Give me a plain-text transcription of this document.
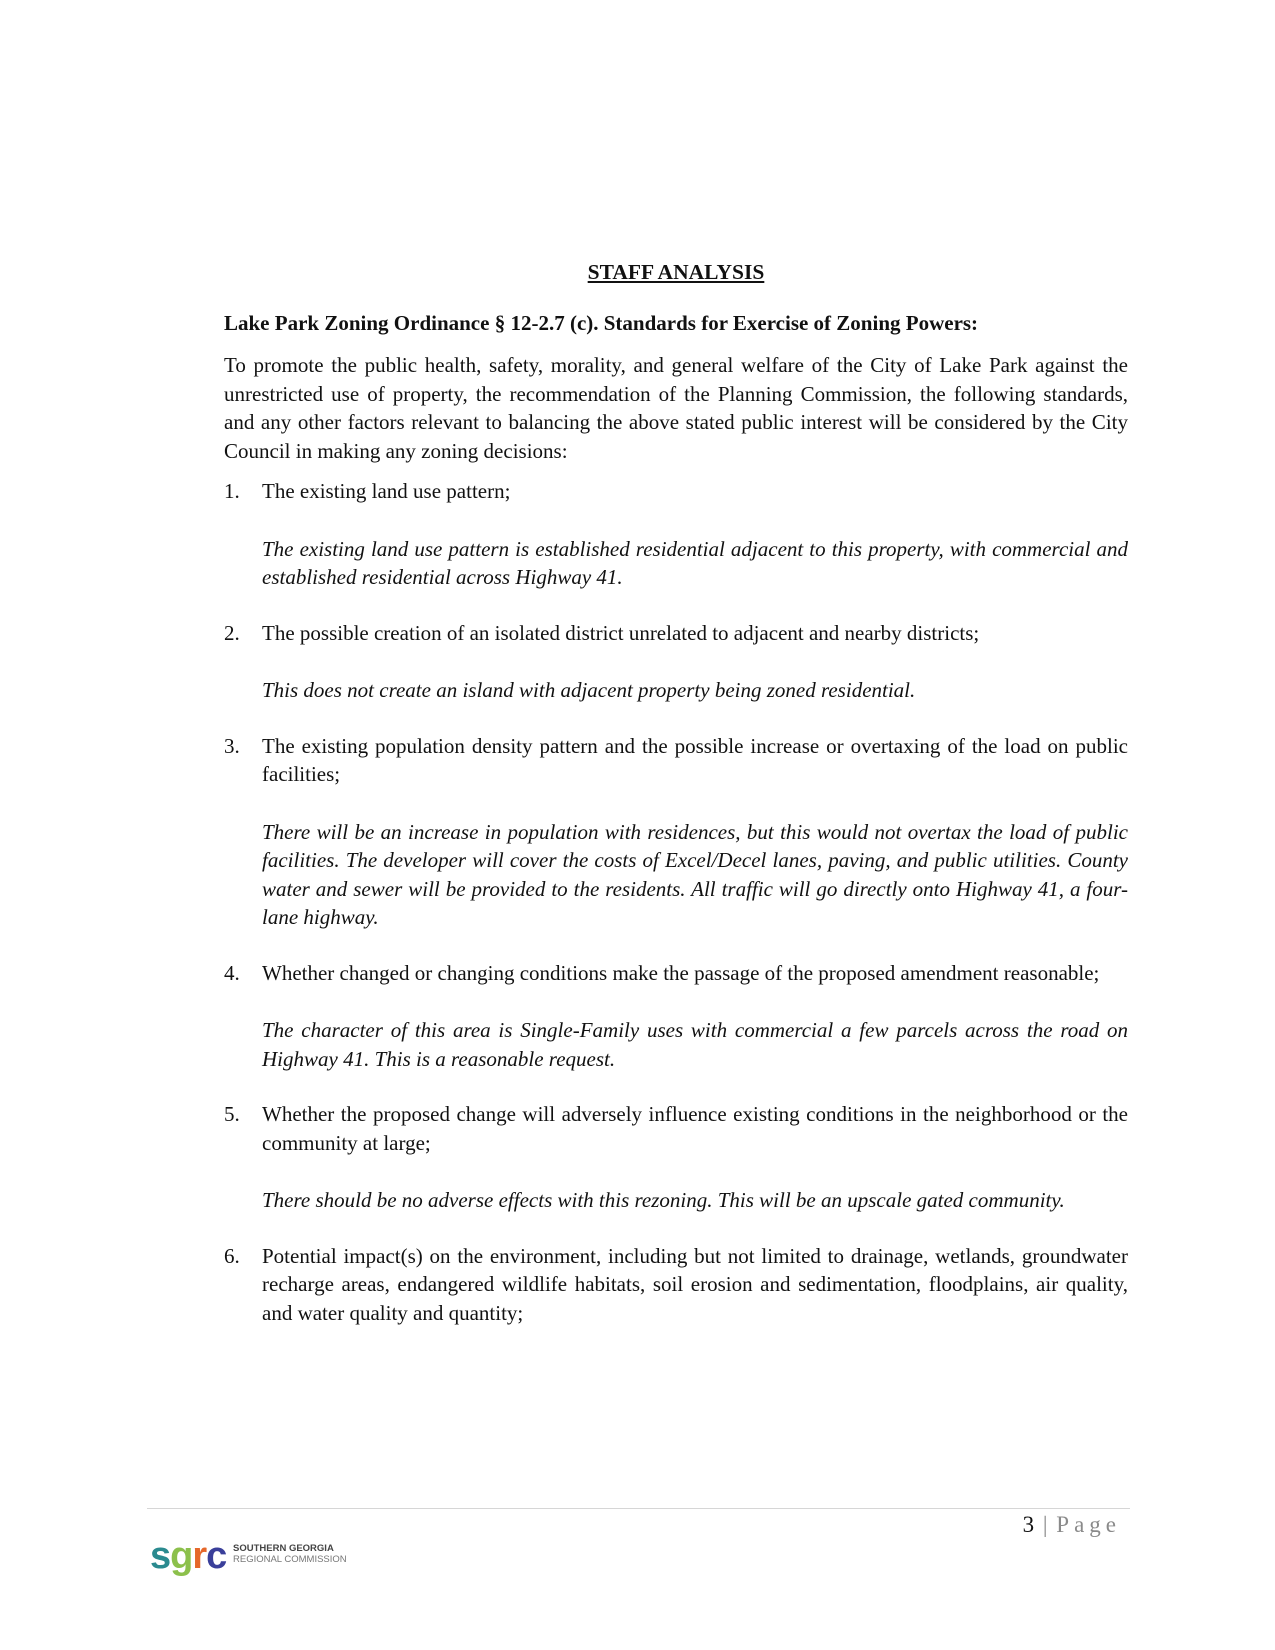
STAFF ANALYSIS
Lake Park Zoning Ordinance § 12-2.7 (c). Standards for Exercise of Zoning Powers:

To promote the public health, safety, morality, and general welfare of the City of Lake Park against the unrestricted use of property, the recommendation of the Planning Commission, the following standards, and any other factors relevant to balancing the above stated public interest will be considered by the City Council in making any zoning decisions:

1. The existing land use pattern;

The existing land use pattern is established residential adjacent to this property, with commercial and established residential across Highway 41.

2. The possible creation of an isolated district unrelated to adjacent and nearby districts;

This does not create an island with adjacent property being zoned residential.

3. The existing population density pattern and the possible increase or overtaxing of the load on public facilities;

There will be an increase in population with residences, but this would not overtax the load of public facilities. The developer will cover the costs of Excel/Decel lanes, paving, and public utilities. County water and sewer will be provided to the residents. All traffic will go directly onto Highway 41, a four-lane highway.

4. Whether changed or changing conditions make the passage of the proposed amendment reasonable;

The character of this area is Single-Family uses with commercial a few parcels across the road on Highway 41. This is a reasonable request.

5. Whether the proposed change will adversely influence existing conditions in the neighborhood or the community at large;

There should be no adverse effects with this rezoning. This will be an upscale gated community.

6. Potential impact(s) on the environment, including but not limited to drainage, wetlands, groundwater recharge areas, endangered wildlife habitats, soil erosion and sedimentation, floodplains, air quality, and water quality and quantity;

3 | Page
sgrc SOUTHERN GEORGIA
REGIONAL COMMISSION
